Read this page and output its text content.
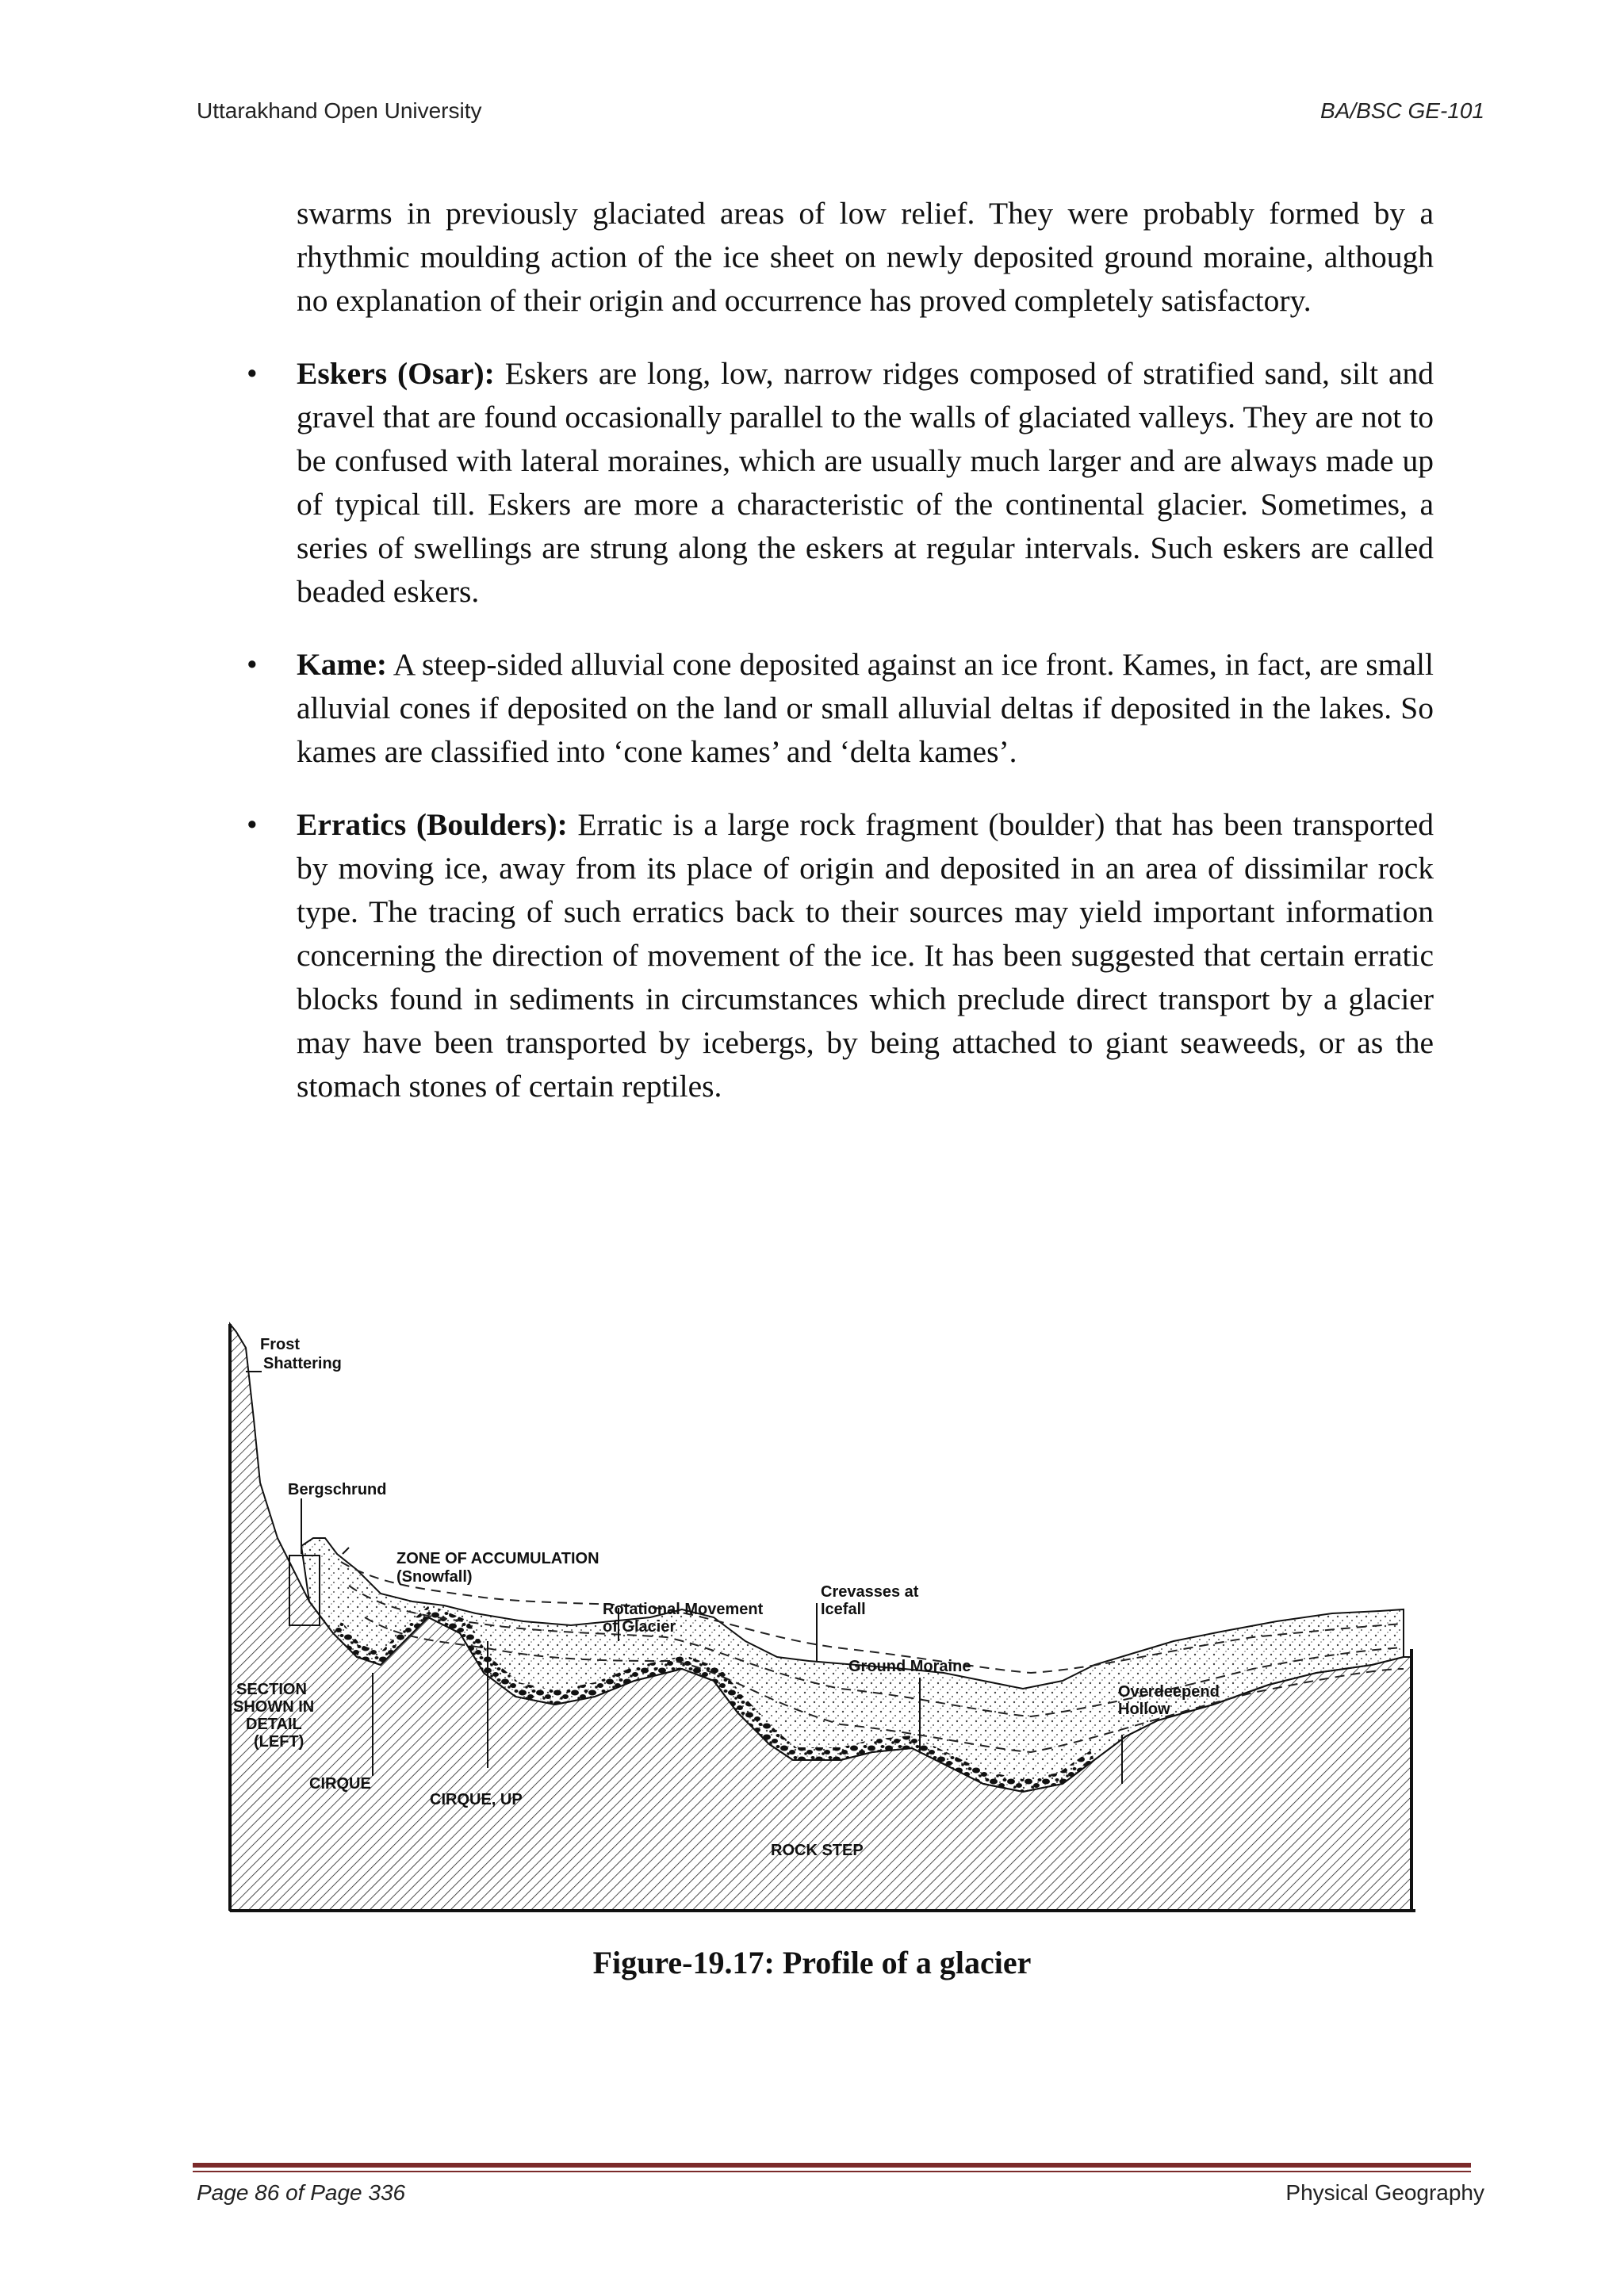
Uttarakhand Open University	BA/BSC GE-101

swarms in previously glaciated areas of low relief. They were probably formed by a rhythmic moulding action of the ice sheet on newly deposited ground moraine, although no explanation of their origin and occurrence has proved completely satisfactory.

• Eskers (Osar): Eskers are long, low, narrow ridges composed of stratified sand, silt and gravel that are found occasionally parallel to the walls of glaciated valleys. They are not to be confused with lateral moraines, which are usually much larger and are always made up of typical till. Eskers are more a characteristic of the continental glacier. Sometimes, a series of swellings are strung along the eskers at regular intervals. Such eskers are called beaded eskers.
• Kame: A steep-sided alluvial cone deposited against an ice front. Kames, in fact, are small alluvial cones if deposited on the land or small alluvial deltas if deposited in the lakes. So kames are classified into ‘cone kames’ and ‘delta kames’.
• Erratics (Boulders): Erratic is a large rock fragment (boulder) that has been transported by moving ice, away from its place of origin and deposited in an area of dissimilar rock type. The tracing of such erratics back to their sources may yield important information concerning the direction of movement of the ice. It has been suggested that certain erratic blocks found in sediments in circumstances which preclude direct transport by a glacier may have been transported by icebergs, by being attached to giant seaweeds, or as the stomach stones of certain reptiles.
Frost
Shattering
Bergschrund
ZONE OF ACCUMULATION
(Snowfall)
Rotational Movement
of Glacier
Crevasses at
Icefall
Ground Moraine
Overdeepend
Hollow
SECTION
SHOWN IN
DETAIL
(LEFT)
CIRQUE
CIRQUE, UP
ROCK STEP
Figure-19.17: Profile of a glacier
Page 86 of Page 336	Physical Geography
